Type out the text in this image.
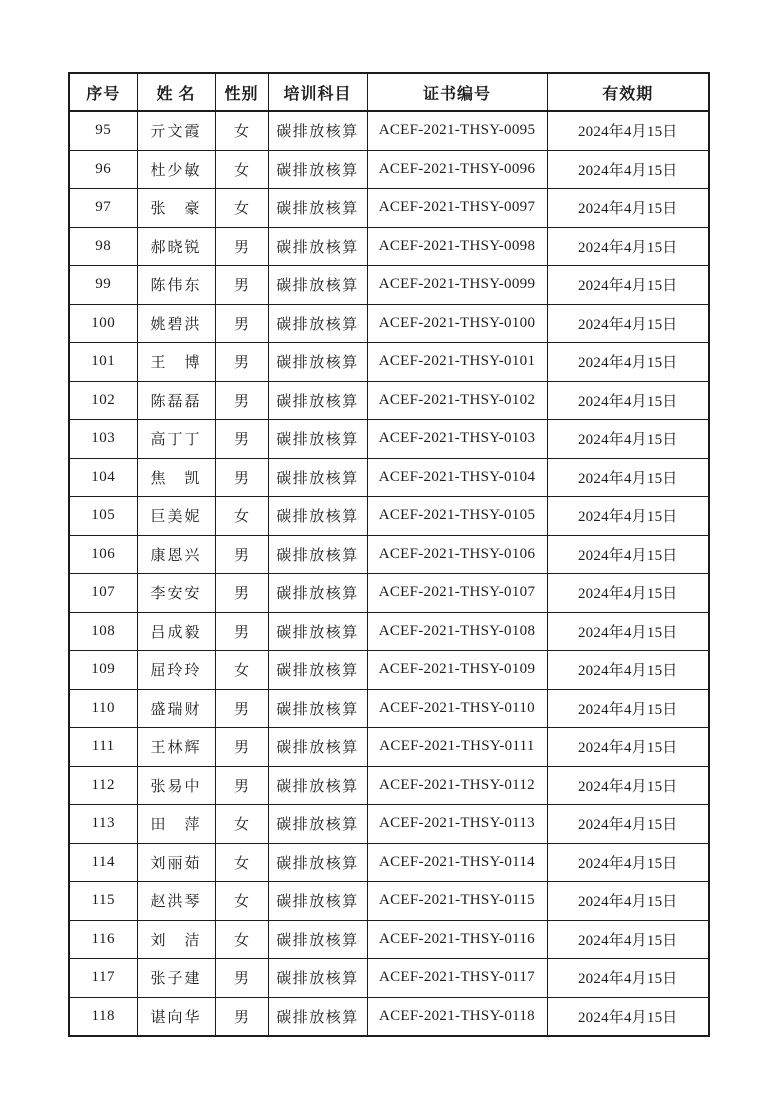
序号	姓 名	性别	培训科目	证书编号	有效期
95	亓文霞	女	碳排放核算	ACEF-2021-THSY-0095	2024年4月15日
96	杜少敏	女	碳排放核算	ACEF-2021-THSY-0096	2024年4月15日
97	张　豪	女	碳排放核算	ACEF-2021-THSY-0097	2024年4月15日
98	郝晓锐	男	碳排放核算	ACEF-2021-THSY-0098	2024年4月15日
99	陈伟东	男	碳排放核算	ACEF-2021-THSY-0099	2024年4月15日
100	姚碧洪	男	碳排放核算	ACEF-2021-THSY-0100	2024年4月15日
101	王　博	男	碳排放核算	ACEF-2021-THSY-0101	2024年4月15日
102	陈磊磊	男	碳排放核算	ACEF-2021-THSY-0102	2024年4月15日
103	高丁丁	男	碳排放核算	ACEF-2021-THSY-0103	2024年4月15日
104	焦　凯	男	碳排放核算	ACEF-2021-THSY-0104	2024年4月15日
105	巨美妮	女	碳排放核算	ACEF-2021-THSY-0105	2024年4月15日
106	康恩兴	男	碳排放核算	ACEF-2021-THSY-0106	2024年4月15日
107	李安安	男	碳排放核算	ACEF-2021-THSY-0107	2024年4月15日
108	吕成毅	男	碳排放核算	ACEF-2021-THSY-0108	2024年4月15日
109	屈玲玲	女	碳排放核算	ACEF-2021-THSY-0109	2024年4月15日
110	盛瑞财	男	碳排放核算	ACEF-2021-THSY-0110	2024年4月15日
111	王林辉	男	碳排放核算	ACEF-2021-THSY-0111	2024年4月15日
112	张易中	男	碳排放核算	ACEF-2021-THSY-0112	2024年4月15日
113	田　萍	女	碳排放核算	ACEF-2021-THSY-0113	2024年4月15日
114	刘丽茹	女	碳排放核算	ACEF-2021-THSY-0114	2024年4月15日
115	赵洪琴	女	碳排放核算	ACEF-2021-THSY-0115	2024年4月15日
116	刘　洁	女	碳排放核算	ACEF-2021-THSY-0116	2024年4月15日
117	张子建	男	碳排放核算	ACEF-2021-THSY-0117	2024年4月15日
118	谌向华	男	碳排放核算	ACEF-2021-THSY-0118	2024年4月15日
